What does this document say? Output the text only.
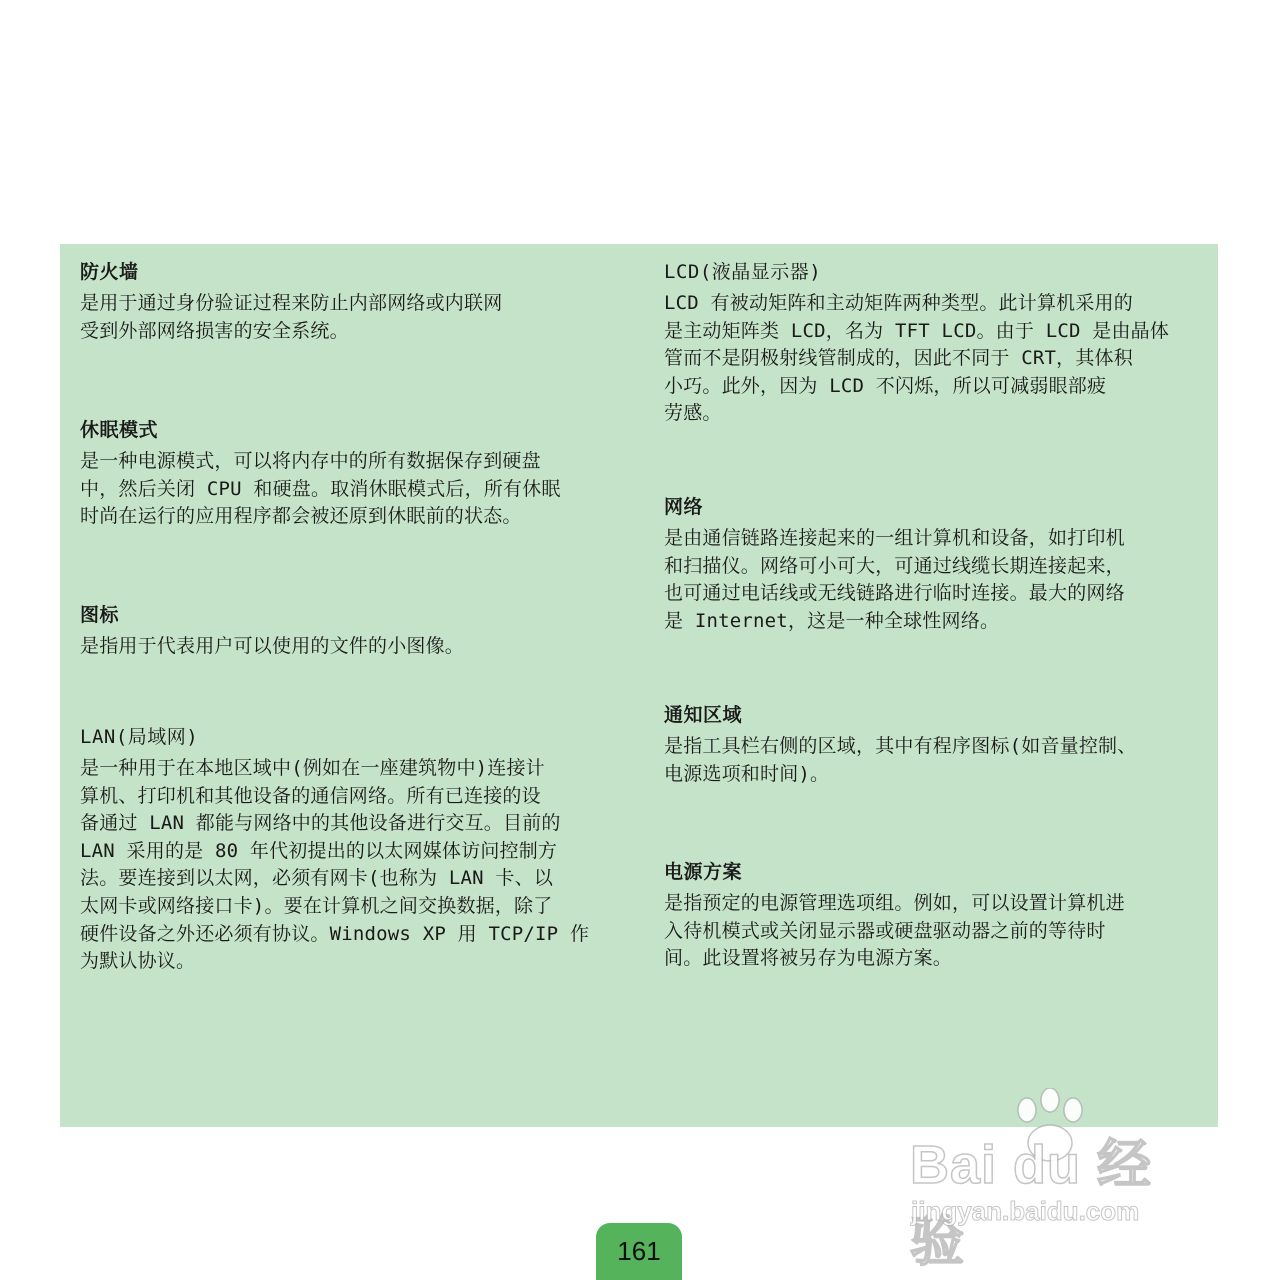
防火墙

是用于通过身份验证过程来防止内部网络或内联网
受到外部网络损害的安全系统。

休眠模式

是一种电源模式，可以将内存中的所有数据保存到硬盘
中，然后关闭 CPU 和硬盘。取消休眠模式后，所有休眠
时尚在运行的应用程序都会被还原到休眠前的状态。

图标

是指用于代表用户可以使用的文件的小图像。

LAN(局域网)

是一种用于在本地区域中(例如在一座建筑物中)连接计
算机、打印机和其他设备的通信网络。所有已连接的设
备通过 LAN 都能与网络中的其他设备进行交互。目前的
LAN 采用的是 80 年代初提出的以太网媒体访问控制方
法。要连接到以太网，必须有网卡(也称为 LAN 卡、以
太网卡或网络接口卡)。要在计算机之间交换数据，除了
硬件设备之外还必须有协议。Windows XP 用 TCP/IP 作
为默认协议。

LCD(液晶显示器)

LCD 有被动矩阵和主动矩阵两种类型。此计算机采用的
是主动矩阵类 LCD，名为 TFT LCD。由于 LCD 是由晶体
管而不是阴极射线管制成的，因此不同于 CRT，其体积
小巧。此外，因为 LCD 不闪烁，所以可减弱眼部疲
劳感。

网络

是由通信链路连接起来的一组计算机和设备，如打印机
和扫描仪。网络可小可大，可通过线缆长期连接起来，
也可通过电话线或无线链路进行临时连接。最大的网络
是 Internet，这是一种全球性网络。

通知区域

是指工具栏右侧的区域，其中有程序图标(如音量控制、
电源选项和时间)。

电源方案

是指预定的电源管理选项组。例如，可以设置计算机进
入待机模式或关闭显示器或硬盘驱动器之前的等待时
间。此设置将被另存为电源方案。

Bai du 经验
jingyan.baidu.com
161
